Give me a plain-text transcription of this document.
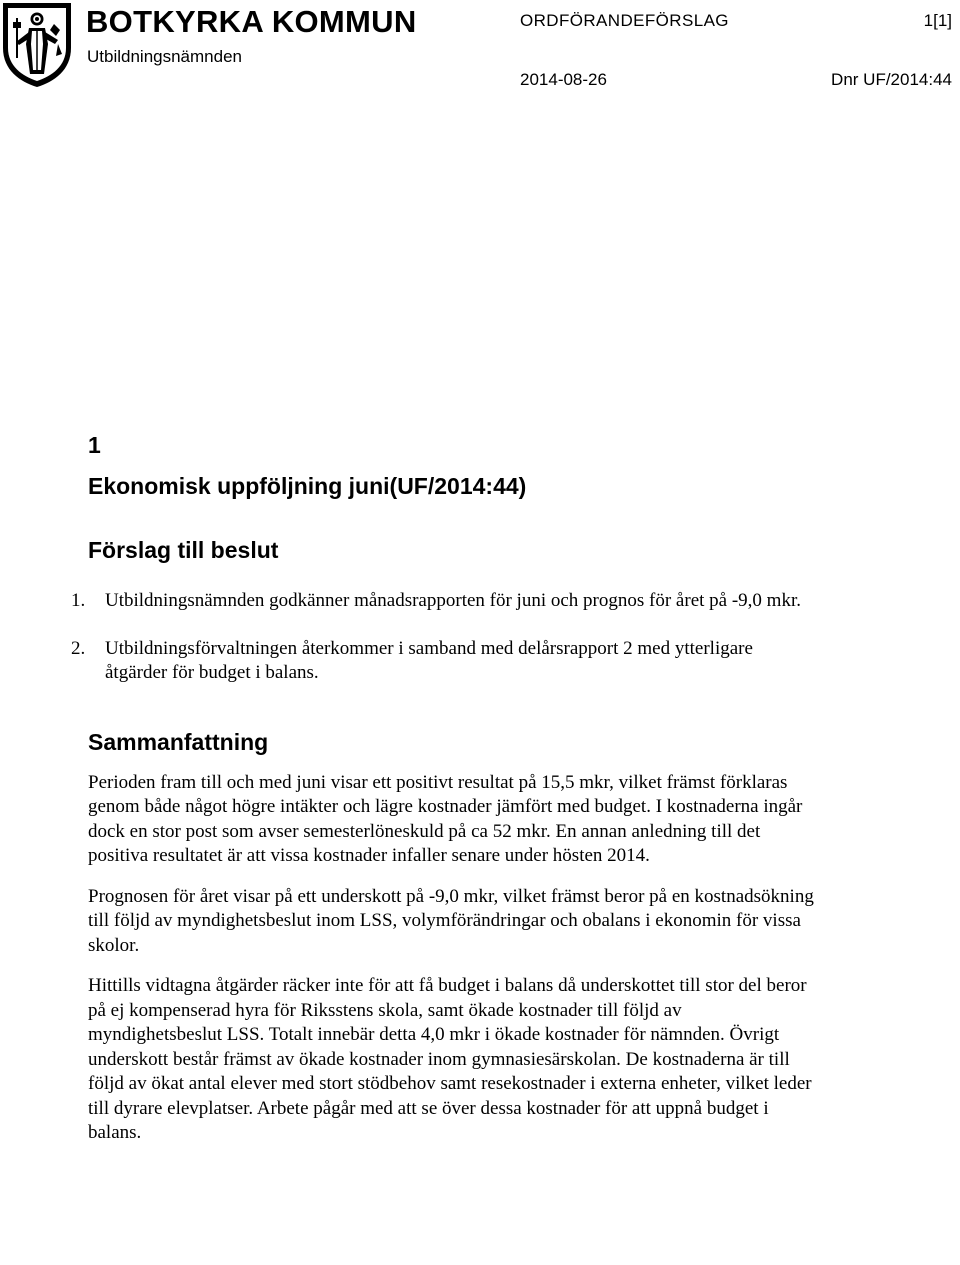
BOTKYRKA KOMMUN
Utbildningsnämnden
ORDFÖRANDEFÖRSLAG	1[1]
2014-08-26	Dnr UF/2014:44
1
Ekonomisk uppföljning juni(UF/2014:44)
Förslag till beslut
1. Utbildningsnämnden godkänner månadsrapporten för juni och prognos för året på -9,0 mkr.
2. Utbildningsförvaltningen återkommer i samband med delårsrapport 2 med ytterligare åtgärder för budget i balans.
Sammanfattning

Perioden fram till och med juni visar ett positivt resultat på 15,5 mkr, vilket främst förklaras genom både något högre intäkter och lägre kostnader jämfört med budget. I kostnaderna ingår dock en stor post som avser semesterlöneskuld på ca 52 mkr. En annan anledning till det positiva resultatet är att vissa kostnader infaller senare under hösten 2014.

Prognosen för året visar på ett underskott på -9,0 mkr, vilket främst beror på en kostnadsökning till följd av myndighetsbeslut inom LSS, volymförändringar och obalans i ekonomin för vissa skolor.

Hittills vidtagna åtgärder räcker inte för att få budget i balans då underskottet till stor del beror på ej kompenserad hyra för Riksstens skola, samt ökade kostnader till följd av myndighetsbeslut LSS. Totalt innebär detta 4,0 mkr i ökade kostnader för nämnden. Övrigt underskott består främst av ökade kostnader inom gymnasiesärskolan. De kostnaderna är till följd av ökat antal elever med stort stödbehov samt resekostnader i externa enheter, vilket leder till dyrare elevplatser. Arbete pågår med att se över dessa kostnader för att uppnå budget i balans.
